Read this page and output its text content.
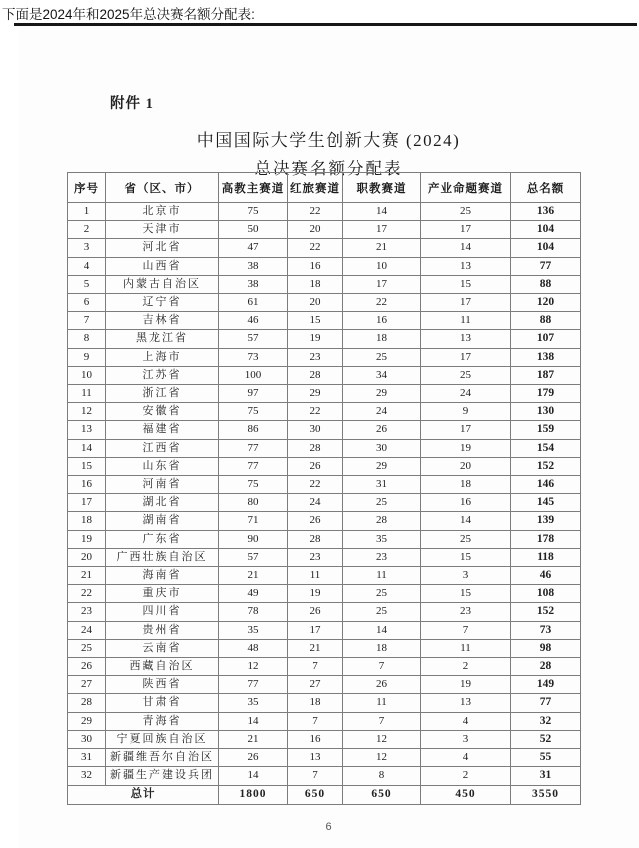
下面是2024年和2025年总决赛名额分配表:
附件 1
中国国际大学生创新大赛 (2024)
总决赛名额分配表
序号	省（区、市）	高教主赛道	红旅赛道	职教赛道	产业命题赛道	总名额
1	北京市	75	22	14	25	136
2	天津市	50	20	17	17	104
3	河北省	47	22	21	14	104
4	山西省	38	16	10	13	77
5	内蒙古自治区	38	18	17	15	88
6	辽宁省	61	20	22	17	120
7	吉林省	46	15	16	11	88
8	黑龙江省	57	19	18	13	107
9	上海市	73	23	25	17	138
10	江苏省	100	28	34	25	187
11	浙江省	97	29	29	24	179
12	安徽省	75	22	24	9	130
13	福建省	86	30	26	17	159
14	江西省	77	28	30	19	154
15	山东省	77	26	29	20	152
16	河南省	75	22	31	18	146
17	湖北省	80	24	25	16	145
18	湖南省	71	26	28	14	139
19	广东省	90	28	35	25	178
20	广西壮族自治区	57	23	23	15	118
21	海南省	21	11	11	3	46
22	重庆市	49	19	25	15	108
23	四川省	78	26	25	23	152
24	贵州省	35	17	14	7	73
25	云南省	48	21	18	11	98
26	西藏自治区	12	7	7	2	28
27	陕西省	77	27	26	19	149
28	甘肃省	35	18	11	13	77
29	青海省	14	7	7	4	32
30	宁夏回族自治区	21	16	12	3	52
31	新疆维吾尔自治区	26	13	12	4	55
32	新疆生产建设兵团	14	7	8	2	31
总计		1800	650	650	450	3550
6
